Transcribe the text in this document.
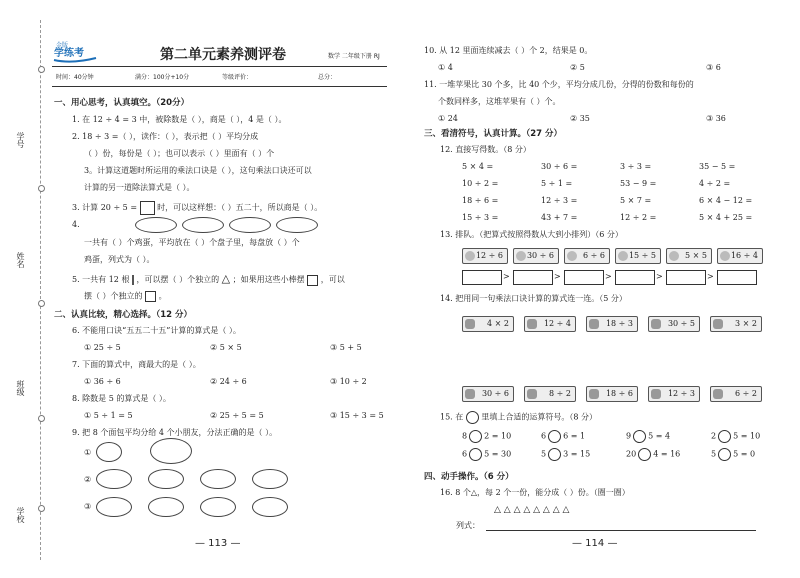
学号
姓名
班级
学校
金版
学练考	第二单元素养测评卷	数学 二年级下册 RJ
时间：40分钟	满分：100分+10分	等级评价：	总分：
一、用心思考，认真填空。（20分）
1. 在 12 ÷ 4 = 3 中，被除数是（ ），商是（ ），4 是（ ）。
2. 18 ÷ 3 =（ ），读作：（ ），表示把（ ）平均分成
（ ）份，每份是（ ）；也可以表示（ ）里面有（ ）个
3。计算这道题时所运用的乘法口诀是（ ），这句乘法口诀还可以
计算的另一道除法算式是（ ）。
3. 计算 20 ÷ 5 =	时，可以这样想：（ ）五二十，所以商是（ ）。
4.
一共有（ ）个鸡蛋，平均放在（ ）个盘子里，每盘放（ ）个
鸡蛋，列式为（ ）。
5. 一共有 12 根 ，可以摆（ ）个独立的 △ ；如果用这些小棒摆 ，可以
摆（ ）个独立的 。
二、认真比较，精心选择。（12 分）
6. 不能用口诀“五五二十五”计算的算式是（ ）。
① 25 ÷ 5	② 5 × 5	③ 5 + 5
7. 下面的算式中，商最大的是（ ）。
① 36 ÷ 6	② 24 ÷ 6	③ 10 ÷ 2
8. 除数是 5 的算式是（ ）。
① 5 ÷ 1 = 5	② 25 ÷ 5 = 5	③ 15 ÷ 3 = 5
9. 把 8 个面包平均分给 4 个小朋友，分法正确的是（ ）。
①
②
③
— 113 —
10. 从 12 里面连续减去（ ）个 2，结果是 0。
① 4	② 5	③ 6
11. 一堆苹果比 30 个多，比 40 个少，平均分成几份，分得的份数和每份的
个数同样多，这堆苹果有（ ）个。
① 24	② 35	③ 36
三、看清符号，认真计算。（27 分）
12. 直接写得数。（8 分）
5 × 4 =	30 ÷ 6 =	3 ÷ 3 =	35 − 5 =
10 ÷ 2 =	5 ÷ 1 =	53 − 9 =	4 ÷ 2 =
18 ÷ 6 =	12 ÷ 3 =	5 × 7 =	6 × 4 − 12 =
15 ÷ 3 =	43 + 7 =	12 ÷ 2 =	5 × 4 + 25 =
13. 排队。（把算式按照得数从大到小排列）（6 分）
12 ÷ 6	30 ÷ 6	6 ÷ 6	15 ÷ 5	5 × 5	16 ÷ 4
>	>	>	>	>
14. 把用同一句乘法口诀计算的算式连一连。（5 分）
4 × 2	12 ÷ 4	18 ÷ 3	30 ÷ 5	3 × 2
30 ÷ 6	8 ÷ 2	18 ÷ 6	12 ÷ 3	6 ÷ 2
15. 在 里填上合适的运算符号。（8 分）
8 2 = 10	6 6 = 1	9 5 = 4	2 5 = 10
6 5 = 30	5 3 = 15	20 4 = 16	5 5 = 0
四、动手操作。（6 分）
16. 8 个△，每 2 个一份，能分成（ ）份。（圈一圈）
△ △ △ △ △ △ △ △
列式：
— 114 —
